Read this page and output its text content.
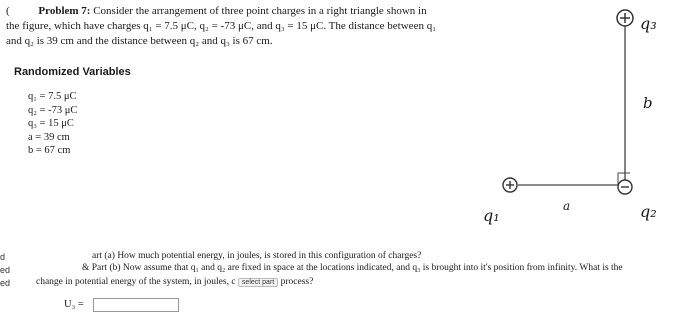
(	Problem 7: Consider the arrangement of three point charges in a right triangle shown in
the figure, which have charges q₁ = 7.5 μC, q₂ = -73 μC, and q₃ = 15 μC. The distance between q₁
and q₂ is 39 cm and the distance between q₂ and q₃ is 67 cm.
Randomized Variables
q₁ = 7.5 μC
q₂ = -73 μC
q₃ = 15 μC
a = 39 cm
b = 67 cm
q₃
b
q₁	a	q₂
d
ed
ed
art (a) How much potential energy, in joules, is stored in this configuration of charges?
& Part (b) Now assume that q₁ and q₂ are fixed in space at the locations indicated, and q₃ is brought into it's position from infinity. What is the
change in potential energy of the system, in joules, c select part process?
U₃ =
